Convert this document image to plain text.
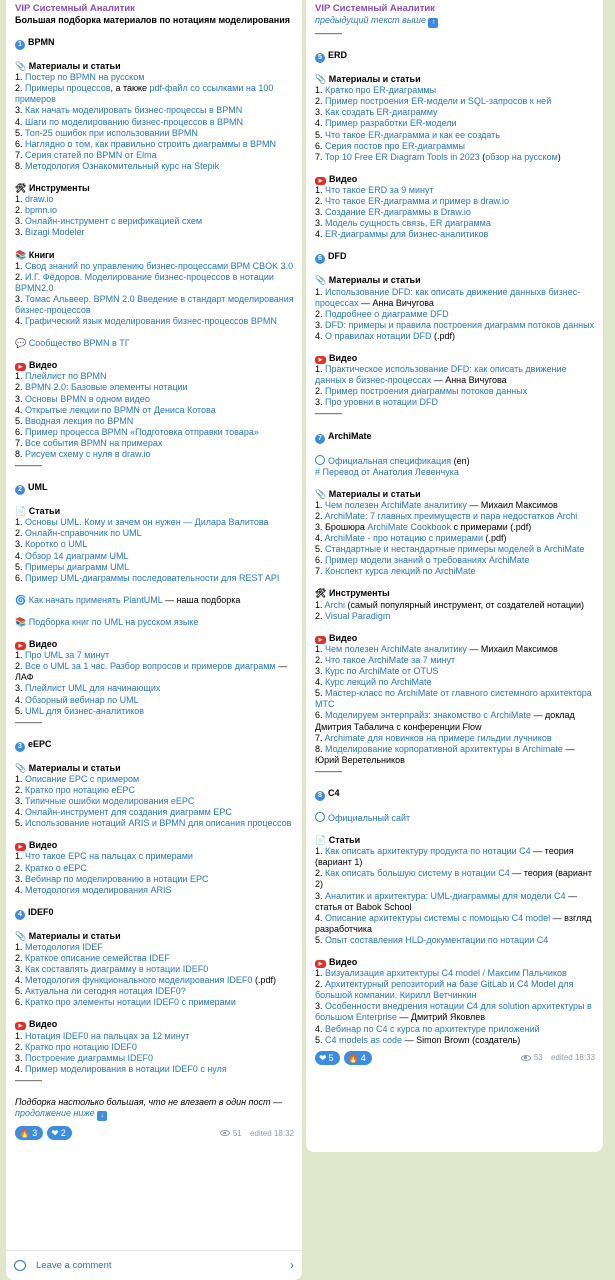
VIP Системный Аналитик
Большая подборка материалов по нотациям моделирования
1 BPMN
📎 Материалы и статьи
1. Постер по BPMN на русском
2. Примеры процессов, а также pdf-файл со ссылками на 100 примеров
3. Как начать моделировать бизнес-процессы в BPMN
4. Шаги по моделированию бизнес-процессов в BPMN
5. Топ-25 ошибок при использовании BPMN
6. Наглядно о том, как правильно строить диаграммы в BPMN
7. Серия статей по BPMN от Elma
8. Методология Ознакомительный курс на Stepik
🛠 Инструменты
1. draw.io
2. bpmn.io
3. Онлайн-инструмент с верификацией схем
3. Bizagi Modeler
📚 Книги
1. Свод знаний по управлению бизнес-процессами BPM CBOK 3.0
2. И.Г. Фёдоров. Моделирование бизнес-процессов в нотации BPMN2.0
3. Томас Альвеер. BPMN 2.0 Введение в стандарт моделирования бизнес-процессов
4. Графический язык моделирования бизнес-процессов BPMN
💬 Сообщество BPMN в ТГ
▶ Видео
1. Плейлист по BPMN
2. BPMN 2.0: Базовые элементы нотации
3. Основы BPMN в одном видео
4. Открытые лекции по BPMN от Дениса Котова
5. Вводная лекция по BPMN
6. Пример процесса BPMN «Подготовка отправки товара»
7. Все события BPMN на примерах
8. Рисуем схему с нуля в draw.io
———
2 UML
📄 Статьи
1. Основы UML. Кому и зачем он нужен — Дилара Валитова
2. Онлайн-справочник по UML
3. Коротко о UML
4. Обзор 14 диаграмм UML
5. Примеры диаграмм UML
6. Пример UML-диаграммы последовательности для REST API
🌀 Как начать применять PlantUML — наша подборка
📚 Подборка книг по UML на русском языке
▶ Видео
1. Про UML за 7 минут
2. Все о UML за 1 час. Разбор вопросов и примеров диаграмм — ЛАФ
3. Плейлист UML для начинающих
4. Обзорный вебинар по UML
5. UML для бизнес-аналитиков
———
3 eEPC
📎 Материалы и статьи
1. Описание EPC с примером
2. Кратко про нотацию eEPC
3. Типичные ошибки моделирования eEPC
4. Онлайн-инструмент для создания диаграмм EPC
5. Использование нотаций ARIS и BPMN для описания процессов
▶ Видео
1. Что такое EPC на пальцах с примерами
2. Кратко о eEPC
3. Вебинар по моделированию в нотации EPC
4. Методология моделирования ARIS
4 IDEF0
📎 Материалы и статьи
1. Методология IDEF
2. Краткое описание семейства IDEF
3. Как составлять диаграмму в нотации IDEF0
4. Методология функционального моделирования IDEF0 (.pdf)
5. Актуальна ли сегодня нотация IDEF0?
6. Кратко про элементы нотации IDEF0 с примерами
▶ Видео
1. Нотация IDEF0 на пальцах за 12 минут
2. Кратко про нотацию IDEF0
3. Построение диаграммы IDEF0
4. Пример моделирования в нотации IDEF0 с нуля
———
Подборка настолько большая, что не влезает в один пост —
продолжение ниже ↓
🔥 3 ❤ 2	51
edited 18:32
Leave a comment	›
VIP Системный Аналитик
предыдущий текст выше ↑
———
5 ERD
📎 Материалы и статьи
1. Кратко про ER-диаграммы
2. Пример построения ER-модели и SQL-запросов к ней
3. Как создать ER-диаграмму
4. Пример разработки ER-модели
5. Что такое ER-диаграмма и как ее создать
6. Серия постов про ER-диаграммы
7. Top 10 Free ER Diagram Tools in 2023 (обзор на русском)
▶ Видео
1. Что такое ERD за 9 минут
2. Что такое ER-диаграмма и пример в draw.io
3. Создание ER-диаграммы в Draw.io
3. Модель сущность связь, ER диаграмма
4. ER-диаграммы для бизнес-аналитиков
6 DFD
📎 Материалы и статьи
1. Использование DFD: как описать движение данныхв бизнес-процессах — Анна Вичугова
2. Подробнее о диаграмме DFD
3. DFD: примеры и правила построения диаграмм потоков данных
4. О правилах нотации DFD (.pdf)
▶ Видео
1. Практическое использование DFD: как описать движение данных в бизнес-процессах — Анна Вичугова
2. Пример построения диаграммы потоков данных
3. Про уровни в нотации DFD
———
7 ArchiMate
Официальная спецификация (en)
# Перевод от Анатолия Левенчука
📎 Материалы и статьи
1. Чем полезен ArchiMate аналитику — Михаил Максимов
2. ArchiMate: 7 главных преимуществ и пара недостатков Archi
3. Брошюра ArchiMate Cookbook с примерами (.pdf)
4. ArchiMate - про нотацию с примерами (.pdf)
5. Стандартные и нестандартные примеры моделей в ArchiMate
6. Пример модели знаний о требованиях ArchiMate
7. Конспект курса лекций по ArchiMate
🛠 Инструменты
1. Archi (самый популярный инструмент, от создателей нотации)
2. Visual Paradigm
▶ Видео
1. Чем полезен ArchiMate аналитику — Михаил Максимов
2. Что такое ArchiMate за 7 минут
3. Курс по ArchiMate от OTUS
4. Курс лекций по ArchiMate
5. Мастер-класс по ArchiMate от главного системного архитектора МТС
6. Моделируем энтерпрайз: знакомство с ArchiMate — доклад Дмитрия Табалича с конференции Flow
7. Archimate для новичков на примере гильдии лучников
8. Моделирование корпоративной архитектуры в Archimate — Юрий Веретельников
———
8 C4
Официальный сайт
📄 Статьи
1. Как описать архитектуру продукта по нотации С4 — теория (вариант 1)
2. Как описать большую систему в нотации С4 — теория (вариант 2)
3. Аналитик и архитектура: UML-диаграммы для модели С4 — статья от Babok School
4. Описание архитектуры системы с помощью С4 model — взгляд разработчика
5. Опыт составления HLD-документации по нотации С4
▶ Видео
1. Визуализация архитектуры C4 model / Максим Пальчиков
2. Архитектурный репозиторий на базе GitLab и C4 Model для большой компании. Кирилл Ветчинкин
3. Особенности внедрения нотации C4 для solution архитектуры в большом Enterprise — Дмитрий Яковлев
4. Вебинар по С4 с курса по архитектуре приложений
5. C4 models as code — Simon Brown (создатель)
❤ 5 🔥 4	53
edited 18:33
